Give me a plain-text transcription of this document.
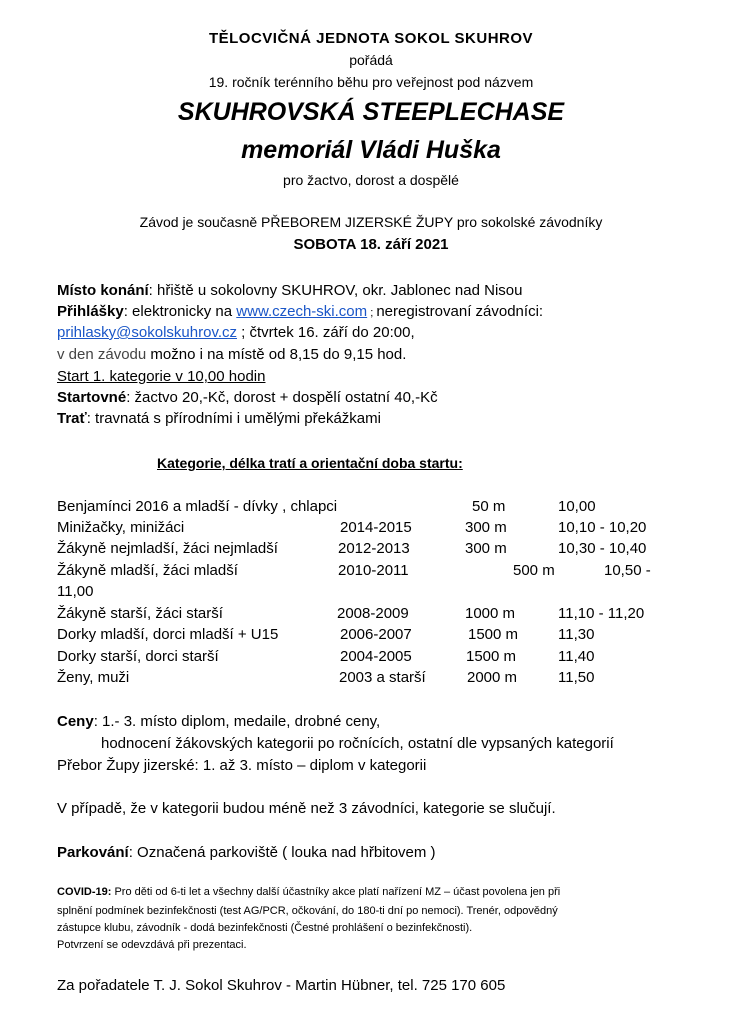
TĚLOCVIČNÁ JEDNOTA SOKOL SKUHROV
pořádá
19. ročník terénního běhu pro veřejnost pod názvem
SKUHROVSKÁ STEEPLECHASE
memoriál Vládi Huška
pro žactvo, dorost a dospělé
Závod je současně PŘEBOREM JIZERSKÉ ŽUPY pro sokolské závodníky
SOBOTA 18. září 2021
Místo konání: hřiště u sokolovny SKUHROV, okr. Jablonec nad Nisou
Přihlášky: elektronicky na www.czech-ski.com ; neregistrovaní závodníci:
prihlasky@sokolskuhrov.cz ; čtvrtek 16. září do 20:00,
v den závodu možno i na místě od 8,15 do 9,15 hod.
Start 1. kategorie v 10,00 hodin
Startovné: žactvo 20,-Kč, dorost + dospělí ostatní 40,-Kč
Trať: travnatá s přírodními i umělými překážkami
Kategorie, délka tratí a orientační doba startu:
Benjamínci 2016 a mladší - dívky , chlapci	50 m	10,00
Minižačky, minižáci	2014-2015	300 m	10,10 - 10,20
Žákyně nejmladší, žáci nejmladší	2012-2013	300 m	10,30 - 10,40
Žákyně mladší, žáci mladší	2010-2011	500 m	10,50 -
11,00
Žákyně starší, žáci starší	2008-2009	1000 m	11,10 - 11,20
Dorky mladší, dorci mladší + U15	2006-2007	1500 m	11,30
Dorky starší, dorci starší	2004-2005	1500 m	11,40
Ženy, muži	2003 a starší	2000 m	11,50
Ceny: 1.- 3. místo diplom, medaile, drobné ceny,
hodnocení žákovských kategorii po ročnících, ostatní dle vypsaných kategorií
Přebor Župy jizerské: 1. až 3. místo – diplom v kategorii
V případě, že v kategorii budou méně než 3 závodníci, kategorie se slučují.
Parkování: Označená parkoviště ( louka nad hřbitovem )
COVID-19: Pro děti od 6-ti let a všechny další účastníky akce platí nařízení MZ – účast povolena jen při
splnění podmínek bezinfekčnosti (test AG/PCR, očkování, do 180-ti dní po nemoci). Trenér, odpovědný
zástupce klubu, závodník - dodá bezinfekčnosti (Čestné prohlášení o bezinfekčnosti).
Potvrzení se odevzdává při prezentaci.
Za pořadatele T. J. Sokol Skuhrov - Martin Hübner, tel. 725 170 605
